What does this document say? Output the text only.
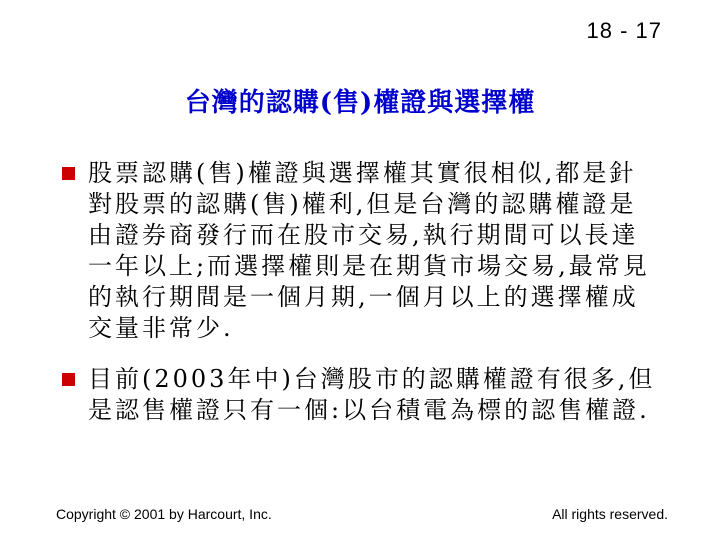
18 - 17
台灣的認購(售)權證與選擇權
股票認購(售)權證與選擇權其實很相似,都是針對股票的認購(售)權利,但是台灣的認購權證是由證券商發行而在股市交易,執行期間可以長達一年以上;而選擇權則是在期貨市場交易,最常見的執行期間是一個月期,一個月以上的選擇權成交量非常少.
目前(2003年中)台灣股市的認購權證有很多,但是認售權證只有一個:以台積電為標的認售權證.
Copyright © 2001 by Harcourt, Inc.	All rights reserved.
